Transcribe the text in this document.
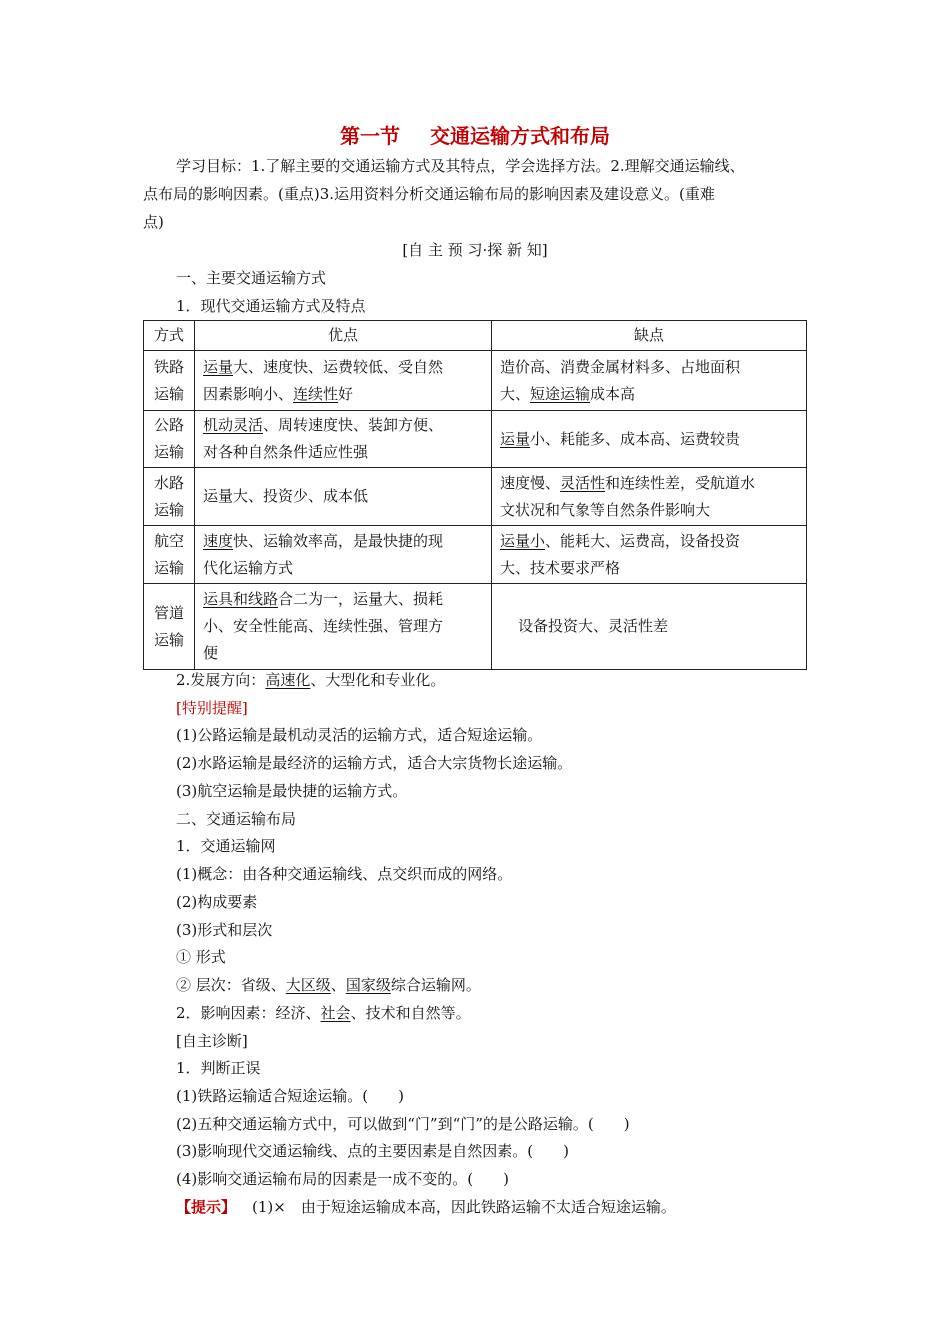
第一节 交通运输方式和布局
学习目标：1.了解主要的交通运输方式及其特点，学会选择方法。2.理解交通运输线、
点布局的影响因素。(重点)3.运用资料分析交通运输布局的影响因素及建设意义。(重难
点)
[自 主 预 习·探 新 知]
一、主要交通运输方式
1．现代交通运输方式及特点
方式	优点	缺点

铁路
运输	运量大、速度快、运费较低、受自然
因素影响小、连续性好	造价高、消费金属材料多、占地面积
大、短途运输成本高

公路
运输	机动灵活、周转速度快、装卸方便、
对各种自然条件适应性强	运量小、耗能多、成本高、运费较贵

水路
运输	运量大、投资少、成本低	速度慢、灵活性和连续性差，受航道水
文状况和气象等自然条件影响大

航空
运输	速度快、运输效率高，是最快捷的现
代化运输方式	运量小、能耗大、运费高，设备投资
大、技术要求严格

管道
运输	运具和线路合二为一，运量大、损耗
小、安全性能高、连续性强、管理方
便	设备投资大、灵活性差
2.发展方向：高速化、大型化和专业化。
[特别提醒]
(1)公路运输是最机动灵活的运输方式，适合短途运输。
(2)水路运输是最经济的运输方式，适合大宗货物长途运输。
(3)航空运输是最快捷的运输方式。
二、交通运输布局
1．交通运输网
(1)概念：由各种交通运输线、点交织而成的网络。
(2)构成要素
(3)形式和层次
① 形式
② 层次：省级、大区级、国家级综合运输网。
2．影响因素：经济、社会、技术和自然等。
[自主诊断]
1．判断正误
(1)铁路运输适合短途运输。(　　)
(2)五种交通运输方式中，可以做到“门”到“门”的是公路运输。(　　)
(3)影响现代交通运输线、点的主要因素是自然因素。(　　)
(4)影响交通运输布局的因素是一成不变的。(　　)
【提示】 (1)×　由于短途运输成本高，因此铁路运输不太适合短途运输。
